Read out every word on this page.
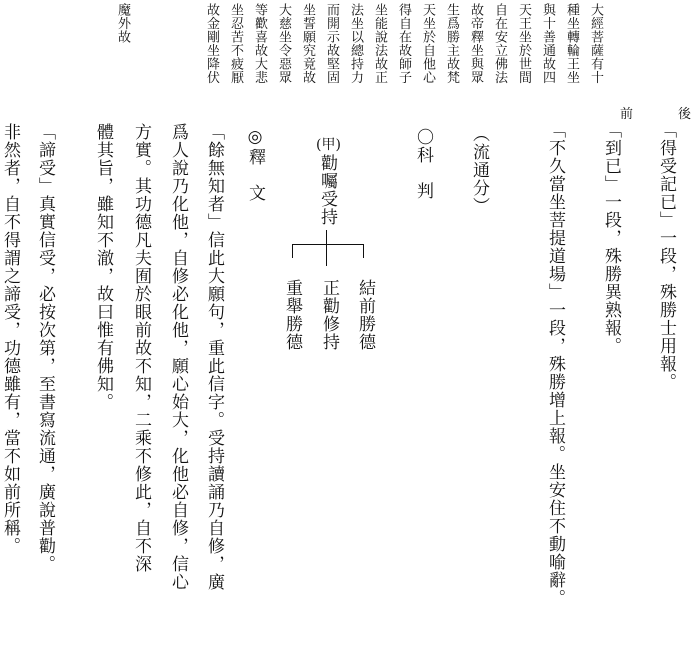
後
前
大經菩薩有十
種坐轉輪王坐
與十善通故四
天王坐於世間
自在安立佛法
故帝釋坐與眾
生爲勝主故梵
天坐於自他心
得自在故師子
坐能說法故正
法坐以總持力
而開示故堅固
坐誓願究竟故
大慈坐令惡眾
等歡喜故大悲
坐忍苦不疲厭
故金剛坐降伏
魔外故
「得受記已」一段，殊勝士用報。
「到已」一段，殊勝異熟報。
「不久當坐菩提道場」一段，殊勝增上報。坐安住不動喻辭。
（流通分）
〇科　判
(甲)
勸囑受持
結前勝德
正勸修持
重舉勝德
◎釋　文
「餘無知者」信此大願句，重此信字。受持讀誦乃自修，廣
爲人說乃化他，自修必化他，願心始大，化他必自修，信心
方實。其功德凡夫囿於眼前故不知，二乘不修此，自不深
體其旨，雖知不澈，故曰惟有佛知。
「諦受」真實信受，必按次第，至書寫流通，廣說普勸。
非然者，自不得謂之諦受，功德雖有，當不如前所稱。
